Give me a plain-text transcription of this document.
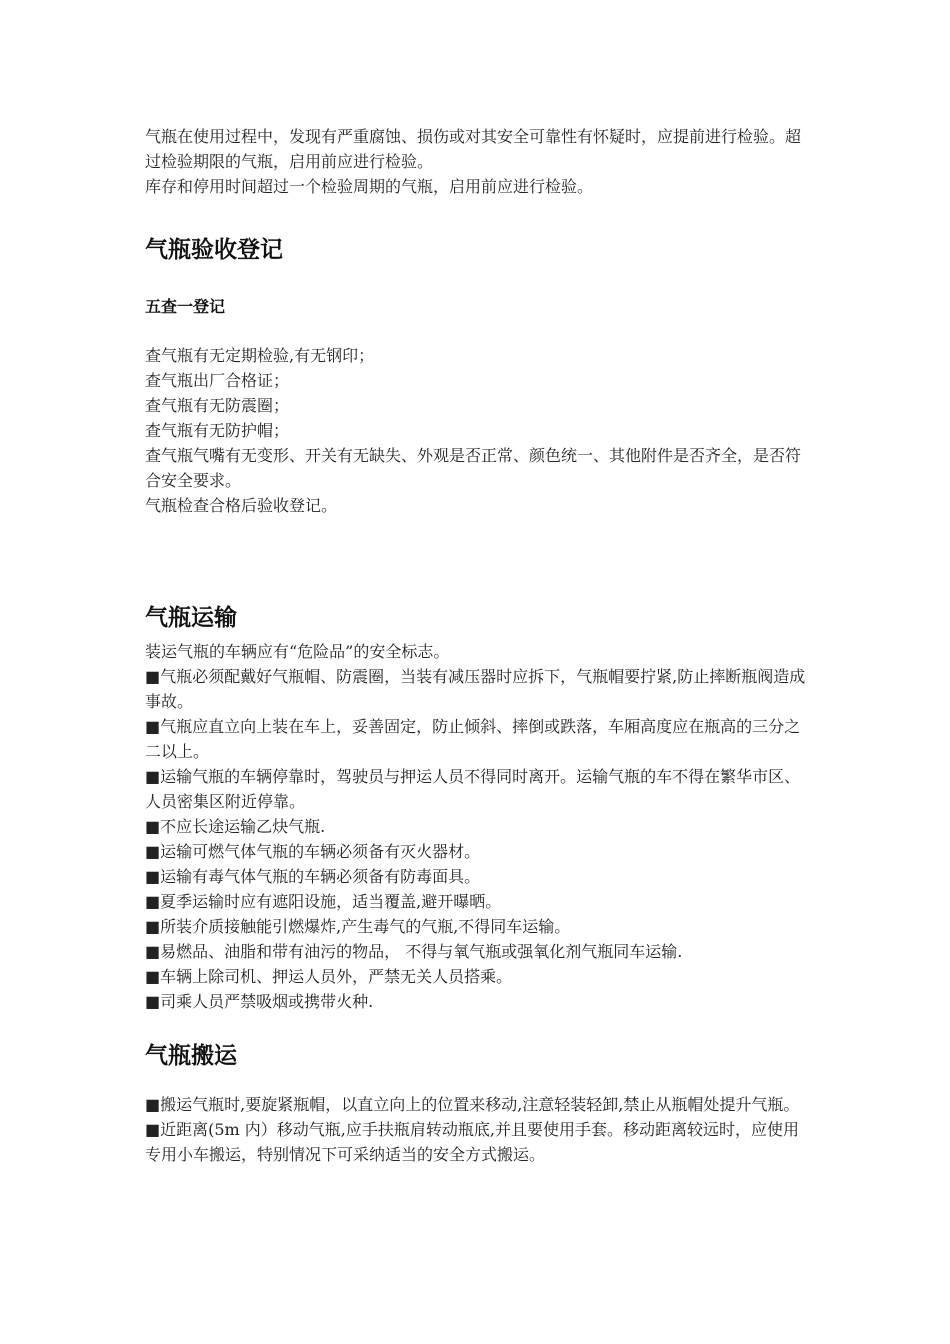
气瓶在使用过程中，发现有严重腐蚀、损伤或对其安全可靠性有怀疑时，应提前进行检验。超过检验期限的气瓶，启用前应进行检验。

库存和停用时间超过一个检验周期的气瓶，启用前应进行检验。

气瓶验收登记
五查一登记

查气瓶有无定期检验,有无钢印；

查气瓶出厂合格证；

查气瓶有无防震圈；

查气瓶有无防护帽；

查气瓶气嘴有无变形、开关有无缺失、外观是否正常、颜色统一、其他附件是否齐全，是否符合安全要求。

气瓶检查合格后验收登记。

气瓶运输

装运气瓶的车辆应有“危险品”的安全标志。

■气瓶必须配戴好气瓶帽、防震圈，当装有减压器时应拆下，气瓶帽要拧紧,防止摔断瓶阀造成事故。

■气瓶应直立向上装在车上，妥善固定，防止倾斜、摔倒或跌落，车厢高度应在瓶高的三分之二以上。

■运输气瓶的车辆停靠时，驾驶员与押运人员不得同时离开。运输气瓶的车不得在繁华市区、人员密集区附近停靠。

■不应长途运输乙炔气瓶.

■运输可燃气体气瓶的车辆必须备有灭火器材。

■运输有毒气体气瓶的车辆必须备有防毒面具。

■夏季运输时应有遮阳设施，适当覆盖,避开曝晒。

■所装介质接触能引燃爆炸,产生毒气的气瓶,不得同车运输。

■易燃品、油脂和带有油污的物品， 不得与氧气瓶或强氧化剂气瓶同车运输.

■车辆上除司机、押运人员外，严禁无关人员搭乘。

■司乘人员严禁吸烟或携带火种.

气瓶搬运

■搬运气瓶时,要旋紧瓶帽，以直立向上的位置来移动,注意轻装轻卸,禁止从瓶帽处提升气瓶。

■近距离(5m 内）移动气瓶,应手扶瓶肩转动瓶底,并且要使用手套。移动距离较远时，应使用专用小车搬运，特别情况下可采纳适当的安全方式搬运。
